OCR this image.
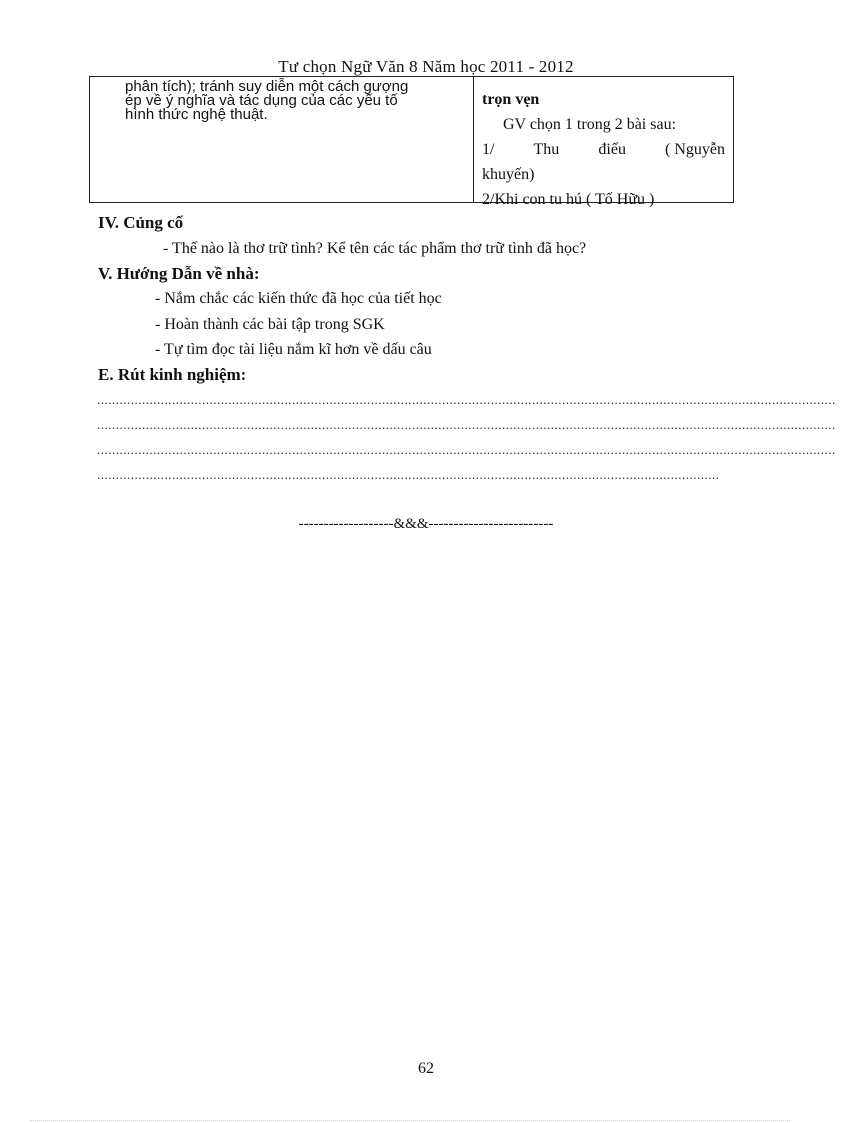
Tư chọn Ngữ Văn 8 Năm học 2011 - 2012
phân tích); tránh suy diễn một cách gượng
ép về ý nghĩa và tác dụng của các yếu tố
hình thức nghệ thuật.
trọn vẹn
GV chọn 1 trong 2 bài sau:
1/ Thu điếu ( Nguyễn
khuyến)
2/Khi con tu hú ( Tố Hữu )
IV. Củng cố
- Thế nào là thơ trữ tình? Kể tên các tác phẩm thơ trữ tình đã học?
V. Hướng Dẫn về nhà:
- Nắm chắc các kiến thức đã học của tiết học
- Hoàn thành các bài tập trong SGK
- Tự tìm đọc tài liệu nắm kĩ hơn về dấu câu
E. Rút kinh nghiệm:
.....................................................................................................................................................................................................
.....................................................................................................................................................................................................
.....................................................................................................................................................................................................
......................................................................................................................................................................
-------------------&&&-------------------------
62
